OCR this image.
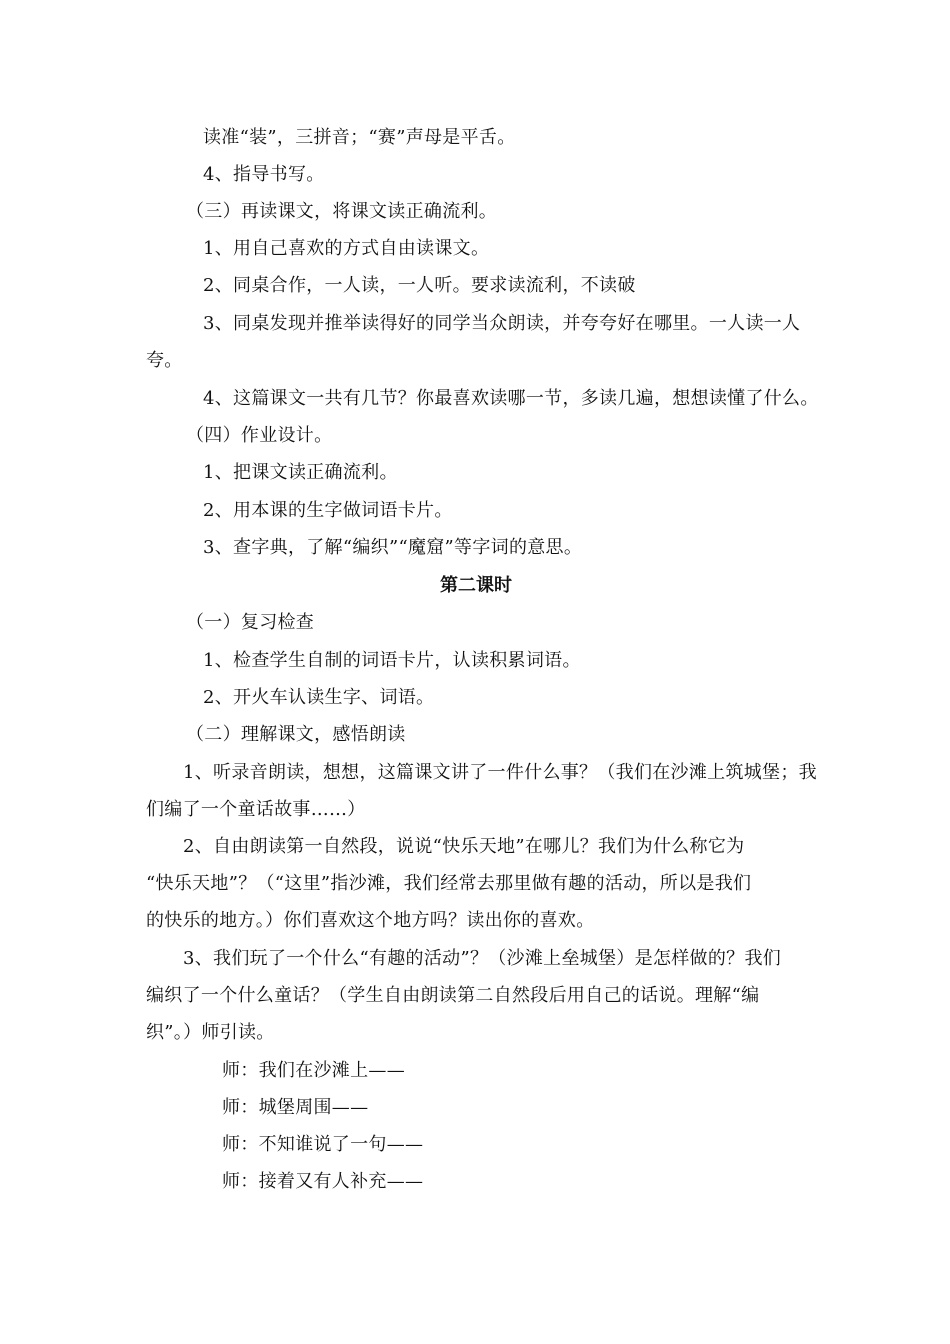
读准“装”，三拼音；“赛”声母是平舌。
4、指导书写。
（三）再读课文，将课文读正确流利。
1、用自己喜欢的方式自由读课文。
2、同桌合作，一人读，一人听。要求读流利，不读破
3、同桌发现并推举读得好的同学当众朗读，并夸夸好在哪里。一人读一人
夸。
4、这篇课文一共有几节？你最喜欢读哪一节，多读几遍，想想读懂了什么。
（四）作业设计。
1、把课文读正确流利。
2、用本课的生字做词语卡片。
3、查字典，了解“编织”“魔窟”等字词的意思。
第二课时
（一）复习检查
1、检查学生自制的词语卡片，认读积累词语。
2、开火车认读生字、词语。
（二）理解课文，感悟朗读
1、听录音朗读，想想，这篇课文讲了一件什么事？（我们在沙滩上筑城堡；我
们编了一个童话故事……）
2、自由朗读第一自然段，说说“快乐天地”在哪儿？我们为什么称它为
“快乐天地”？（“这里”指沙滩，我们经常去那里做有趣的活动，所以是我们
的快乐的地方。）你们喜欢这个地方吗？读出你的喜欢。
3、我们玩了一个什么“有趣的活动”？（沙滩上垒城堡）是怎样做的？我们
编织了一个什么童话？（学生自由朗读第二自然段后用自己的话说。理解“编
织”。）师引读。
师：我们在沙滩上——
师：城堡周围——
师：不知谁说了一句——
师：接着又有人补充——
